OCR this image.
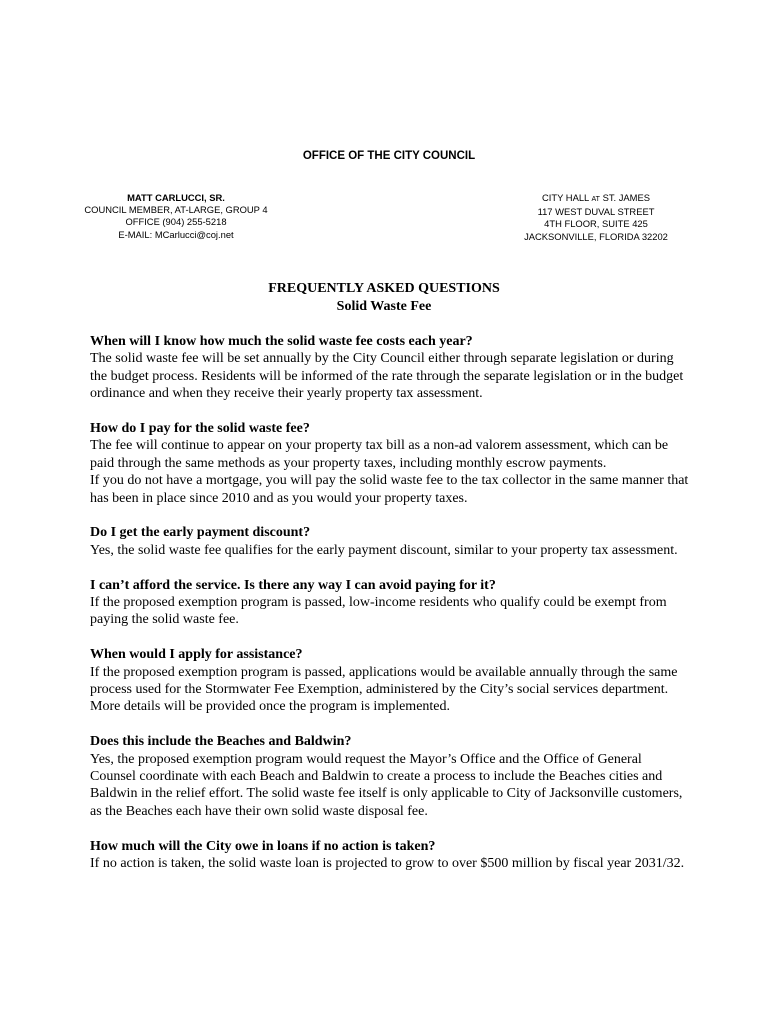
OFFICE OF THE CITY COUNCIL
MATT CARLUCCI, SR.
COUNCIL MEMBER, AT-LARGE, GROUP 4
OFFICE (904) 255-5218
E-MAIL: MCarlucci@coj.net
CITY HALL AT ST. JAMES
117 WEST DUVAL STREET
4TH FLOOR, SUITE 425
JACKSONVILLE, FLORIDA 32202
FREQUENTLY ASKED QUESTIONS
Solid Waste Fee
When will I know how much the solid waste fee costs each year?

The solid waste fee will be set annually by the City Council either through separate legislation or during the budget process. Residents will be informed of the rate through the separate legislation or in the budget ordinance and when they receive their yearly property tax assessment.

How do I pay for the solid waste fee?

The fee will continue to appear on your property tax bill as a non-ad valorem assessment, which can be paid through the same methods as your property taxes, including monthly escrow payments.

If you do not have a mortgage, you will pay the solid waste fee to the tax collector in the same manner that has been in place since 2010 and as you would your property taxes.

Do I get the early payment discount?

Yes, the solid waste fee qualifies for the early payment discount, similar to your property tax assessment.

I can’t afford the service. Is there any way I can avoid paying for it?

If the proposed exemption program is passed, low-income residents who qualify could be exempt from paying the solid waste fee.

When would I apply for assistance?

If the proposed exemption program is passed, applications would be available annually through the same process used for the Stormwater Fee Exemption, administered by the City’s social services department. More details will be provided once the program is implemented.

Does this include the Beaches and Baldwin?

Yes, the proposed exemption program would request the Mayor’s Office and the Office of General Counsel coordinate with each Beach and Baldwin to create a process to include the Beaches cities and Baldwin in the relief effort. The solid waste fee itself is only applicable to City of Jacksonville customers, as the Beaches each have their own solid waste disposal fee.

How much will the City owe in loans if no action is taken?

If no action is taken, the solid waste loan is projected to grow to over $500 million by fiscal year 2031/32.
